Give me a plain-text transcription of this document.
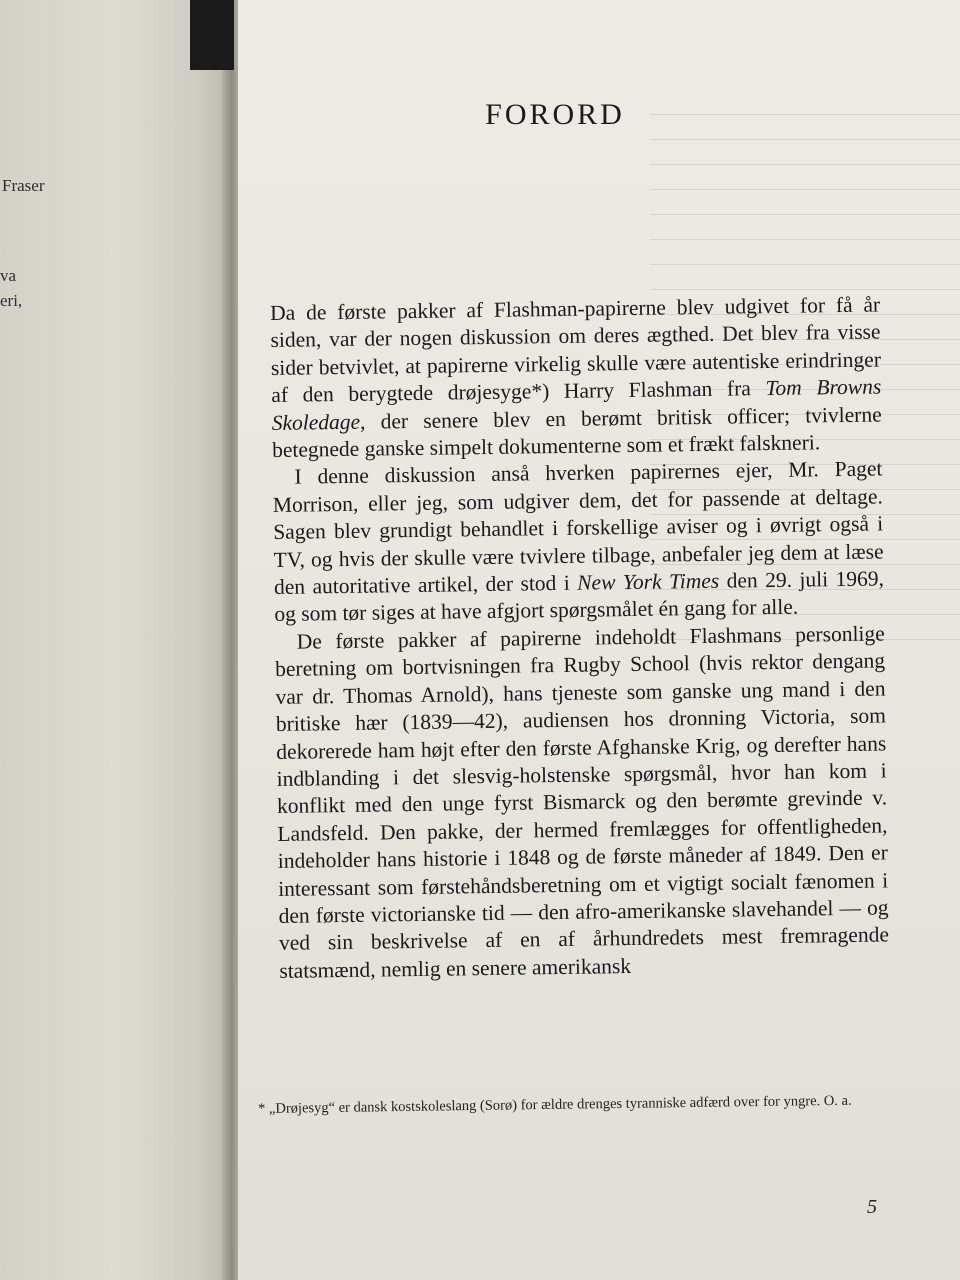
Fraser
va
eri,
FORORD

Da de første pakker af Flashman-papirerne blev udgivet for få år siden, var der nogen diskussion om deres ægthed. Det blev fra visse sider betvivlet, at papirerne virkelig skulle være autentiske erindringer af den berygtede drøjesyge*) Harry Flashman fra Tom Browns Skoledage, der senere blev en berømt britisk officer; tvivlerne betegnede ganske simpelt dokumenterne som et frækt falskneri.

I denne diskussion anså hverken papirernes ejer, Mr. Paget Morrison, eller jeg, som udgiver dem, det for passende at deltage. Sagen blev grundigt behandlet i forskellige aviser og i øvrigt også i TV, og hvis der skulle være tvivlere tilbage, anbefaler jeg dem at læse den autoritative artikel, der stod i New York Times den 29. juli 1969, og som tør siges at have afgjort spørgsmålet én gang for alle.

De første pakker af papirerne indeholdt Flashmans personlige beretning om bortvisningen fra Rugby School (hvis rektor dengang var dr. Thomas Arnold), hans tjeneste som ganske ung mand i den britiske hær (1839—42), audiensen hos dronning Victoria, som dekorerede ham højt efter den første Afghanske Krig, og derefter hans indblanding i det slesvig-holstenske spørgsmål, hvor han kom i konflikt med den unge fyrst Bismarck og den berømte grevinde v. Landsfeld. Den pakke, der hermed fremlægges for offentligheden, indeholder hans historie i 1848 og de første måneder af 1849. Den er interessant som førstehåndsberetning om et vigtigt socialt fænomen i den første victorianske tid — den afro-amerikanske slavehandel — og ved sin beskrivelse af en af århundredets mest fremragende statsmænd, nemlig en senere amerikansk

* „Drøjesyg“ er dansk kostskoleslang (Sorø) for ældre drenges tyranniske adfærd over for yngre. O. a.
5
